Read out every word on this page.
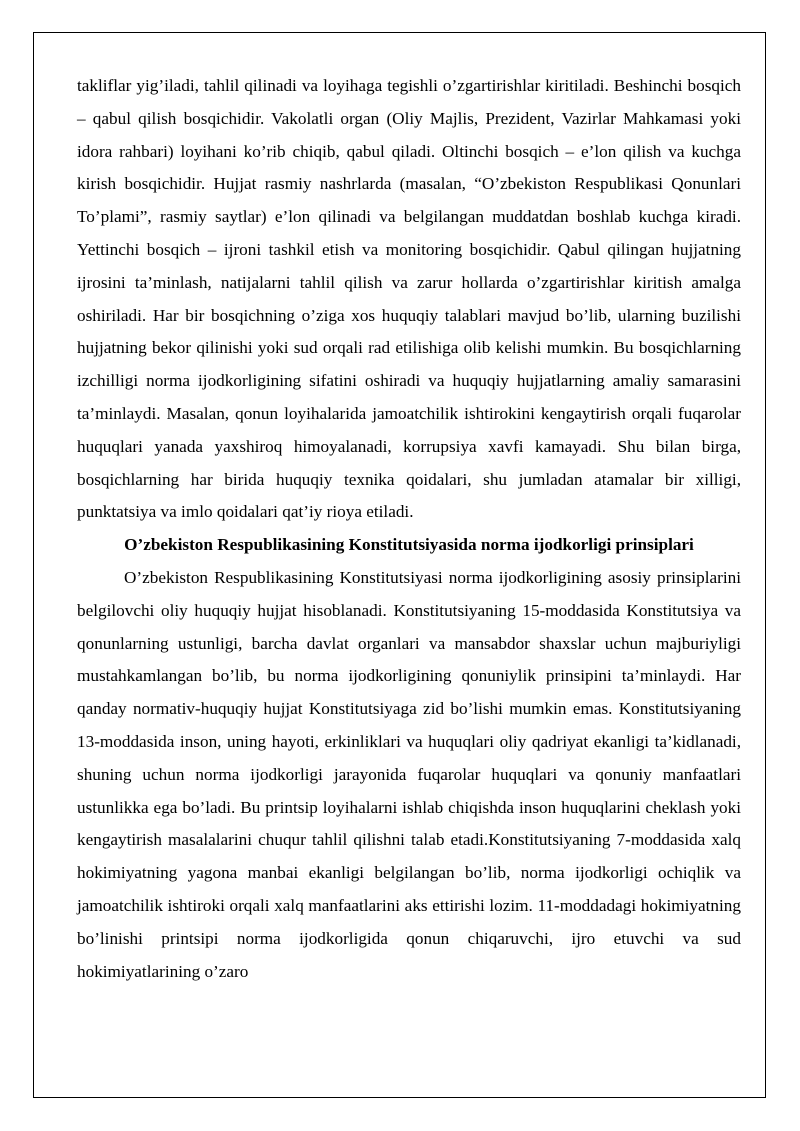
takliflar yig’iladi, tahlil qilinadi va loyihaga tegishli o’zgartirishlar kiritiladi. Beshinchi bosqich – qabul qilish bosqichidir. Vakolatli organ (Oliy Majlis, Prezident, Vazirlar Mahkamasi yoki idora rahbari) loyihani ko’rib chiqib, qabul qiladi. Oltinchi bosqich – e’lon qilish va kuchga kirish bosqichidir. Hujjat rasmiy nashrlarda (masalan, “O’zbekiston Respublikasi Qonunlari To’plami”, rasmiy saytlar) e’lon qilinadi va belgilangan muddatdan boshlab kuchga kiradi. Yettinchi bosqich – ijroni tashkil etish va monitoring bosqichidir. Qabul qilingan hujjatning ijrosini ta’minlash, natijalarni tahlil qilish va zarur hollarda o’zgartirishlar kiritish amalga oshiriladi. Har bir bosqichning o’ziga xos huquqiy talablari mavjud bo’lib, ularning buzilishi hujjatning bekor qilinishi yoki sud orqali rad etilishiga olib kelishi mumkin. Bu bosqichlarning izchilligi norma ijodkorligining sifatini oshiradi va huquqiy hujjatlarning amaliy samarasini ta’minlaydi. Masalan, qonun loyihalarida jamoatchilik ishtirokini kengaytirish orqali fuqarolar huquqlari yanada yaxshiroq himoyalanadi, korrupsiya xavfi kamayadi. Shu bilan birga, bosqichlarning har birida huquqiy texnika qoidalari, shu jumladan atamalar bir xilligi, punktatsiya va imlo qoidalari qat’iy rioya etiladi.

O’zbekiston Respublikasining Konstitutsiyasida norma ijodkorligi prinsiplari

O’zbekiston Respublikasining Konstitutsiyasi norma ijodkorligining asosiy prinsiplarini belgilovchi oliy huquqiy hujjat hisoblanadi. Konstitutsiyaning 15-moddasida Konstitutsiya va qonunlarning ustunligi, barcha davlat organlari va mansabdor shaxslar uchun majburiyligi mustahkamlangan bo’lib, bu norma ijodkorligining qonuniylik prinsipini ta’minlaydi. Har qanday normativ-huquqiy hujjat Konstitutsiyaga zid bo’lishi mumkin emas. Konstitutsiyaning 13-moddasida inson, uning hayoti, erkinliklari va huquqlari oliy qadriyat ekanligi ta’kidlanadi, shuning uchun norma ijodkorligi jarayonida fuqarolar huquqlari va qonuniy manfaatlari ustunlikka ega bo’ladi. Bu printsip loyihalarni ishlab chiqishda inson huquqlarini cheklash yoki kengaytirish masalalarini chuqur tahlil qilishni talab etadi.Konstitutsiyaning 7-moddasida xalq hokimiyatning yagona manbai ekanligi belgilangan bo’lib, norma ijodkorligi ochiqlik va jamoatchilik ishtiroki orqali xalq manfaatlarini aks ettirishi lozim. 11-moddadagi hokimiyatning bo’linishi printsipi norma ijodkorligida qonun chiqaruvchi, ijro etuvchi va sud hokimiyatlarining o’zaro
